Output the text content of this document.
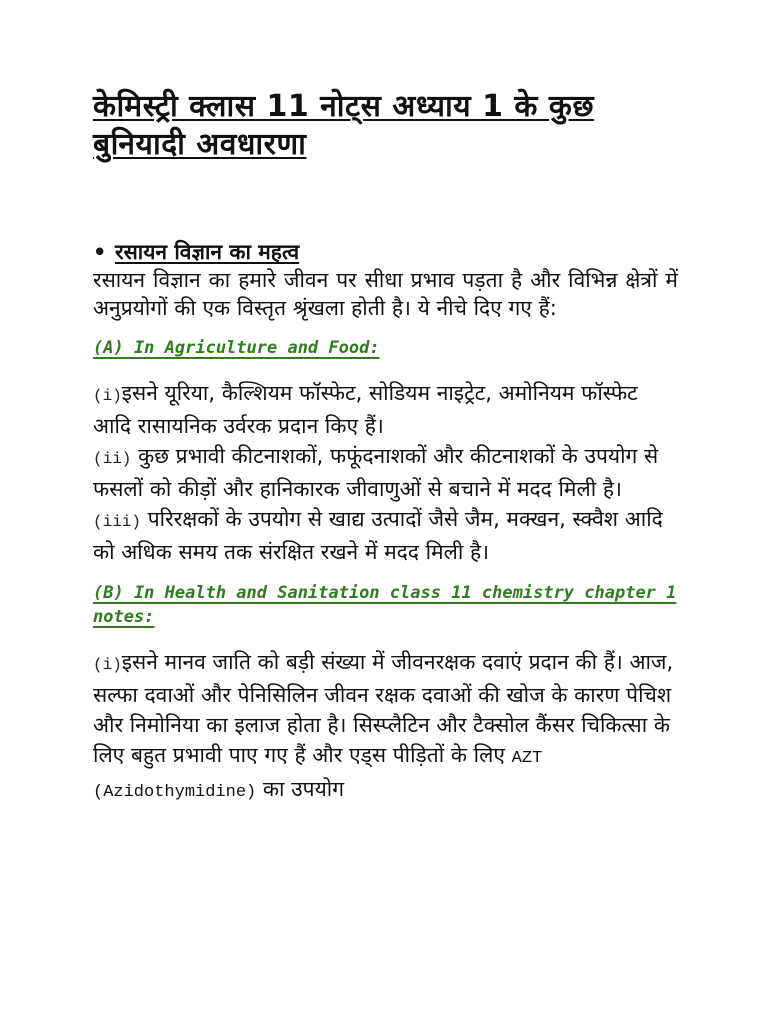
केमिस्ट्री क्लास 11 नोट्स अध्याय 1 के कुछ बुनियादी अवधारणा
• रसायन विज्ञान का महत्व

रसायन विज्ञान का हमारे जीवन पर सीधा प्रभाव पड़ता है और विभिन्न क्षेत्रों में अनुप्रयोगों की एक विस्तृत श्रृंखला होती है। ये नीचे दिए गए हैं:

(A) In Agriculture and Food:

(i) इसने यूरिया, कैल्शियम फॉस्फेट, सोडियम नाइट्रेट, अमोनियम फॉस्फेट आदि रासायनिक उर्वरक प्रदान किए हैं।

(ii) कुछ प्रभावी कीटनाशकों, फफूंदनाशकों और कीटनाशकों के उपयोग से फसलों को कीड़ों और हानिकारक जीवाणुओं से बचाने में मदद मिली है।

(iii) परिरक्षकों के उपयोग से खाद्य उत्पादों जैसे जैम, मक्खन, स्क्वैश आदि को अधिक समय तक संरक्षित रखने में मदद मिली है।

(B) In Health and Sanitation class 11 chemistry chapter 1 notes:

(i) इसने मानव जाति को बड़ी संख्या में जीवनरक्षक दवाएं प्रदान की हैं। आज, सल्फा दवाओं और पेनिसिलिन जीवन रक्षक दवाओं की खोज के कारण पेचिश और निमोनिया का इलाज होता है। सिस्प्लैटिन और टैक्सोल कैंसर चिकित्सा के लिए बहुत प्रभावी पाए गए हैं और एड्स पीड़ितों के लिए AZT (Azidothymidine) का उपयोग
